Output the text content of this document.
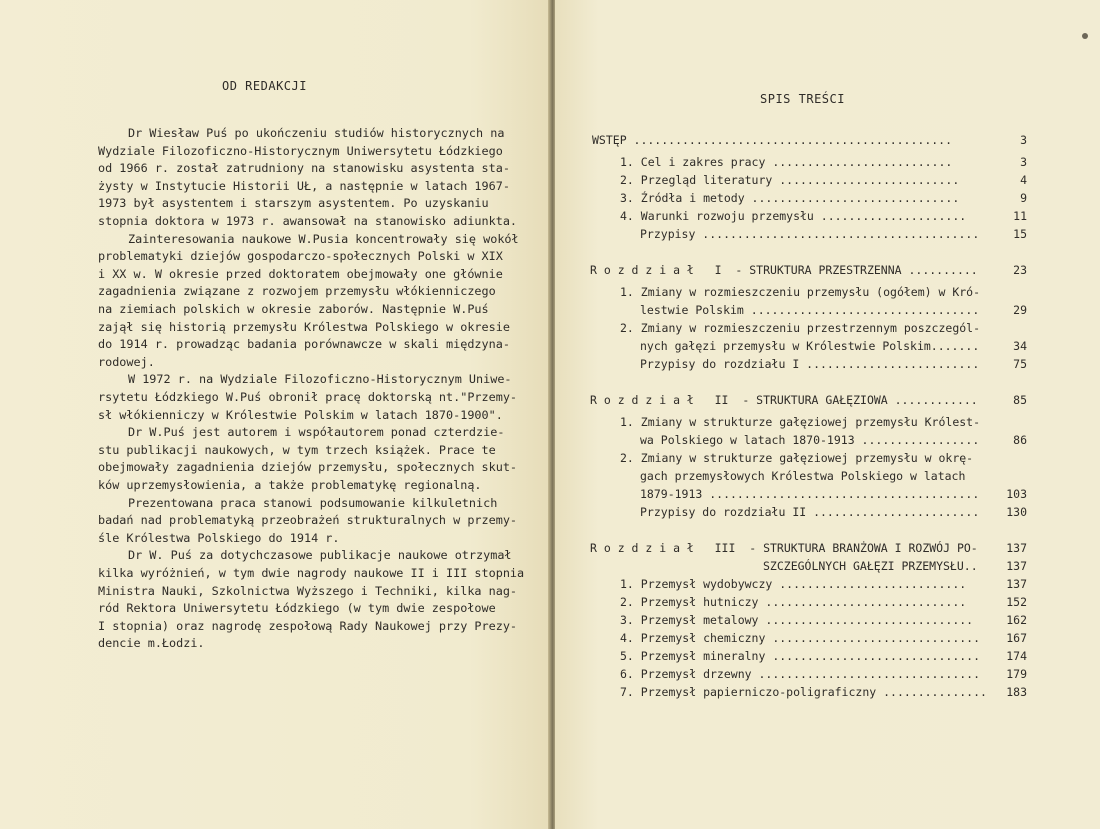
OD REDAKCJI
Dr Wiesław Puś po ukończeniu studiów historycznych na
Wydziale Filozoficzno-Historycznym Uniwersytetu Łódzkiego
od 1966 r. został zatrudniony na stanowisku asystenta sta-
żysty w Instytucie Historii UŁ, a następnie w latach 1967-
1973 był asystentem i starszym asystentem. Po uzyskaniu
stopnia doktora w 1973 r. awansował na stanowisko adiunkta.
Zainteresowania naukowe W.Pusia koncentrowały się wokół
problematyki dziejów gospodarczo-społecznych Polski w XIX
i XX w. W okresie przed doktoratem obejmowały one głównie
zagadnienia związane z rozwojem przemysłu włókienniczego
na ziemiach polskich w okresie zaborów. Następnie W.Puś
zajął się historią przemysłu Królestwa Polskiego w okresie
do 1914 r. prowadząc badania porównawcze w skali międzyna-
rodowej.
W 1972 r. na Wydziale Filozoficzno-Historycznym Uniwe-
rsytetu Łódzkiego W.Puś obronił pracę doktorską nt."Przemy-
sł włókienniczy w Królestwie Polskim w latach 1870-1900".
Dr W.Puś jest autorem i współautorem ponad czterdzie-
stu publikacji naukowych, w tym trzech książek. Prace te
obejmowały zagadnienia dziejów przemysłu, społecznych skut-
ków uprzemysłowienia, a także problematykę regionalną.
Prezentowana praca stanowi podsumowanie kilkuletnich
badań nad problematyką przeobrażeń strukturalnych w przemy-
śle Królestwa Polskiego do 1914 r.
Dr W. Puś za dotychczasowe publikacje naukowe otrzymał
kilka wyróżnień, w tym dwie nagrody naukowe II i III stopnia
Ministra Nauki, Szkolnictwa Wyższego i Techniki, kilka nag-
ród Rektora Uniwersytetu Łódzkiego (w tym dwie zespołowe
I stopnia) oraz nagrodę zespołową Rady Naukowej przy Prezy-
dencie m.Łodzi.
SPIS TREŚCI
WSTĘP ..............................................	3
1. Cel i zakres pracy ..........................	3
2. Przegląd literatury ..........................	4
3. Źródła i metody ..............................	9
4. Warunki rozwoju przemysłu .....................	11
Przypisy ........................................	15
R o z d z i a ł   I  - STRUKTURA PRZESTRZENNA ..........	23
1. Zmiany w rozmieszczeniu przemysłu (ogółem) w Kró-
lestwie Polskim .................................	29
2. Zmiany w rozmieszczeniu przestrzennym poszczegól-
nych gałęzi przemysłu w Królestwie Polskim.......	34
Przypisy do rozdziału I .........................	75
R o z d z i a ł   II  - STRUKTURA GAŁĘZIOWA ............	85
1. Zmiany w strukturze gałęziowej przemysłu Królest-
wa Polskiego w latach 1870-1913 .................	86
2. Zmiany w strukturze gałęziowej przemysłu w okrę-
gach przemysłowych Królestwa Polskiego w latach
1879-1913 .......................................	103
Przypisy do rozdziału II ........................	130
R o z d z i a ł   III  - STRUKTURA BRANŻOWA I ROZWÓJ PO-	137
SZCZEGÓLNYCH GAŁĘZI PRZEMYSŁU..	137
1. Przemysł wydobywczy ...........................	137
2. Przemysł hutniczy .............................	152
3. Przemysł metalowy ..............................	162
4. Przemysł chemiczny ..............................	167
5. Przemysł mineralny ..............................	174
6. Przemysł drzewny ................................	179
7. Przemysł papierniczo-poligraficzny ...............	183
